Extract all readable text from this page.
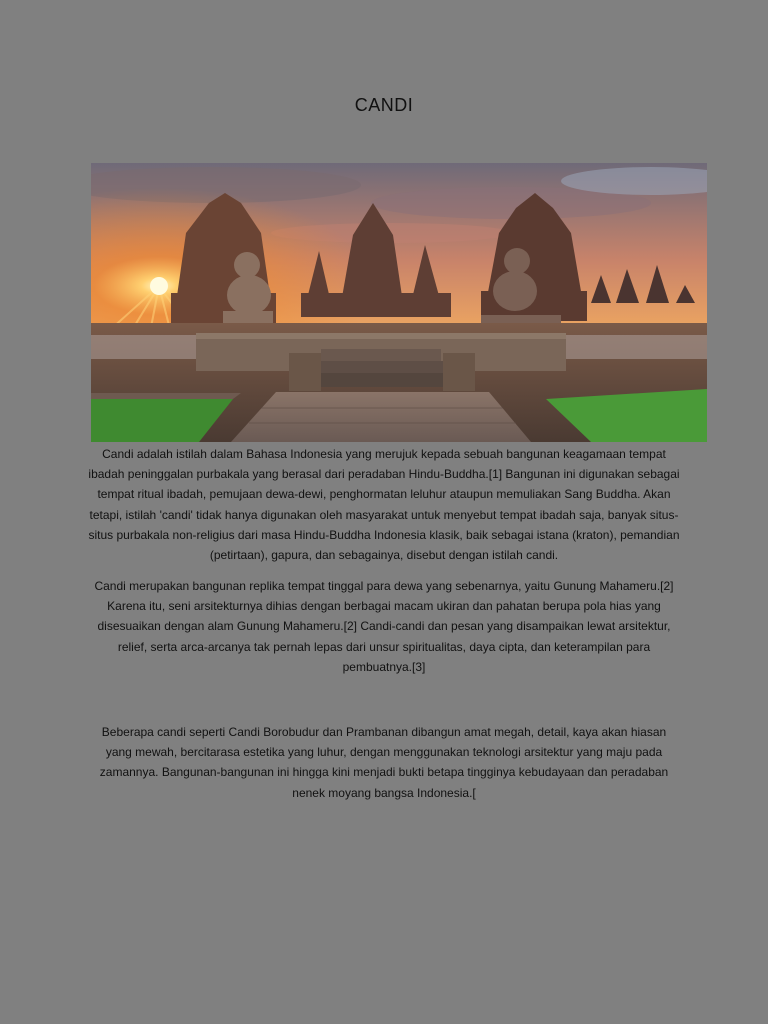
CANDI

Candi adalah istilah dalam Bahasa Indonesia yang merujuk kepada sebuah bangunan keagamaan tempat ibadah peninggalan purbakala yang berasal dari peradaban Hindu-Buddha.[1] Bangunan ini digunakan sebagai tempat ritual ibadah, pemujaan dewa-dewi, penghormatan leluhur ataupun memuliakan Sang Buddha. Akan tetapi, istilah 'candi' tidak hanya digunakan oleh masyarakat untuk menyebut tempat ibadah saja, banyak situs-situs purbakala non-religius dari masa Hindu-Buddha Indonesia klasik, baik sebagai istana (kraton), pemandian (petirtaan), gapura, dan sebagainya, disebut dengan istilah candi.

Candi merupakan bangunan replika tempat tinggal para dewa yang sebenarnya, yaitu Gunung Mahameru.[2] Karena itu, seni arsitekturnya dihias dengan berbagai macam ukiran dan pahatan berupa pola hias yang disesuaikan dengan alam Gunung Mahameru.[2] Candi-candi dan pesan yang disampaikan lewat arsitektur, relief, serta arca-arcanya tak pernah lepas dari unsur spiritualitas, daya cipta, dan keterampilan para pembuatnya.[3]

Beberapa candi seperti Candi Borobudur dan Prambanan dibangun amat megah, detail, kaya akan hiasan yang mewah, bercitarasa estetika yang luhur, dengan menggunakan teknologi arsitektur yang maju pada zamannya. Bangunan-bangunan ini hingga kini menjadi bukti betapa tingginya kebudayaan dan peradaban nenek moyang bangsa Indonesia.[
